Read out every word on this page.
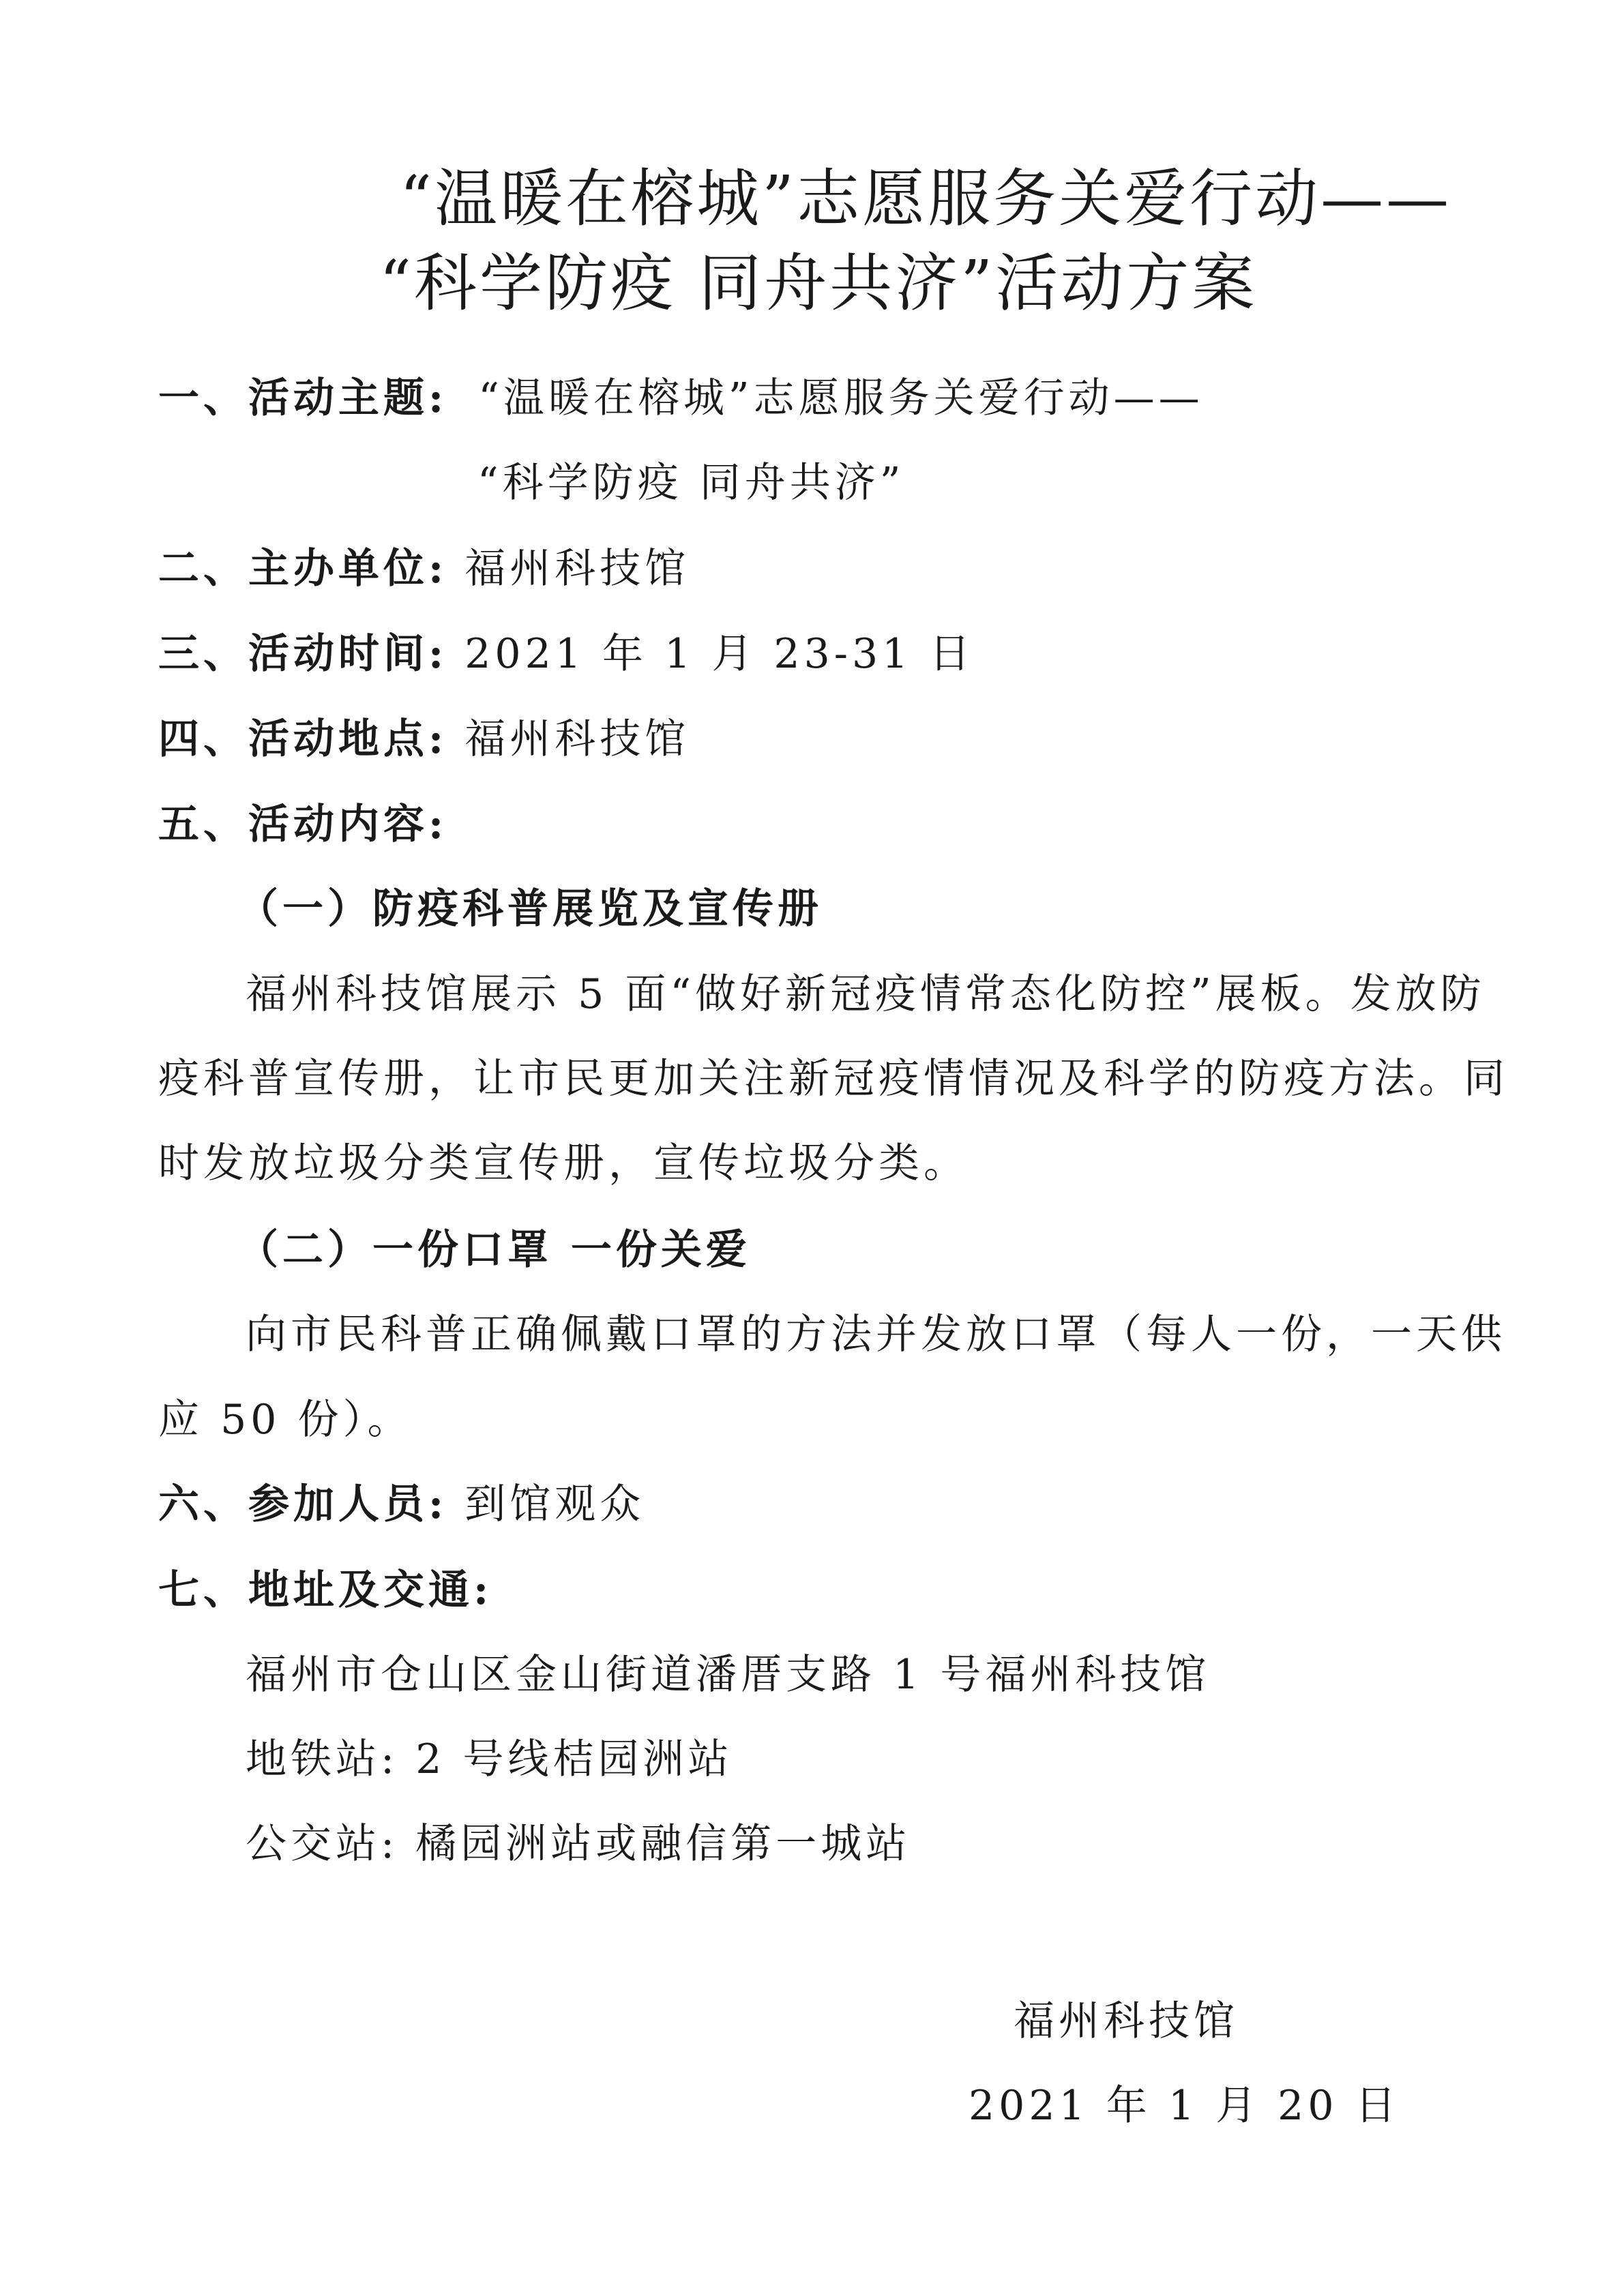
“温暖在榕城”志愿服务关爱行动——
“科学防疫 同舟共济”活动方案
一、活动主题: “温暖在榕城”志愿服务关爱行动——
“科学防疫 同舟共济”
二、主办单位: 福州科技馆
三、活动时间: 2021 年 1 月 23-31 日
四、活动地点: 福州科技馆
五、活动内容:
（一）防疫科普展览及宣传册
福州科技馆展示 5 面“做好新冠疫情常态化防控”展板。发放防
疫科普宣传册，让市民更加关注新冠疫情情况及科学的防疫方法。同
时发放垃圾分类宣传册，宣传垃圾分类。
（二）一份口罩 一份关爱
向市民科普正确佩戴口罩的方法并发放口罩（每人一份，一天供
应 50 份）。
六、参加人员: 到馆观众
七、地址及交通:
福州市仓山区金山街道潘厝支路 1 号福州科技馆
地铁站: 2 号线桔园洲站
公交站: 橘园洲站或融信第一城站
福州科技馆
2021 年 1 月 20 日
